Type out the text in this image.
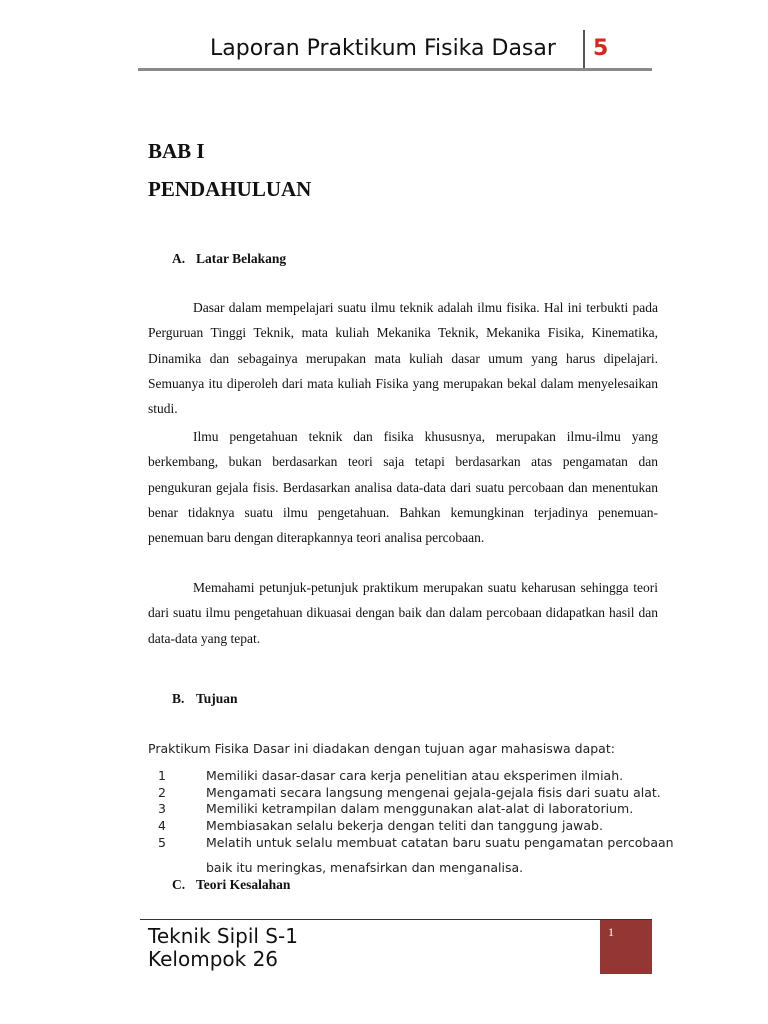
Laporan Praktikum Fisika Dasar 5
BAB I
PENDAHULUAN
A. Latar Belakang

Dasar dalam mempelajari suatu ilmu teknik adalah ilmu fisika. Hal ini terbukti pada Perguruan Tinggi Teknik, mata kuliah Mekanika Teknik, Mekanika Fisika, Kinematika, Dinamika dan sebagainya merupakan mata kuliah dasar umum yang harus dipelajari. Semuanya itu diperoleh dari mata kuliah Fisika yang merupakan bekal dalam menyelesaikan studi.

Ilmu pengetahuan teknik dan fisika khususnya, merupakan ilmu-ilmu yang berkembang, bukan berdasarkan teori saja tetapi berdasarkan atas pengamatan dan pengukuran gejala fisis. Berdasarkan analisa data-data dari suatu percobaan dan menentukan benar tidaknya suatu ilmu pengetahuan. Bahkan kemungkinan terjadinya penemuan-penemuan baru dengan diterapkannya teori analisa percobaan.

Memahami petunjuk-petunjuk praktikum merupakan suatu keharusan sehingga teori dari suatu ilmu pengetahuan dikuasai dengan baik dan dalam percobaan didapatkan hasil dan data-data yang tepat.

B. Tujuan
Praktikum Fisika Dasar ini diadakan dengan tujuan agar mahasiswa dapat:
1	Memiliki dasar-dasar cara kerja penelitian atau eksperimen ilmiah.
2	Mengamati secara langsung mengenai gejala-gejala fisis dari suatu alat.
3	Memiliki ketrampilan dalam menggunakan alat-alat di laboratorium.
4	Membiasakan selalu bekerja dengan teliti dan tanggung jawab.
5	Melatih untuk selalu membuat catatan baru suatu pengamatan percobaan
baik itu meringkas, menafsirkan dan menganalisa.
C. Teori Kesalahan
Teknik Sipil S-1
Kelompok 26
1
